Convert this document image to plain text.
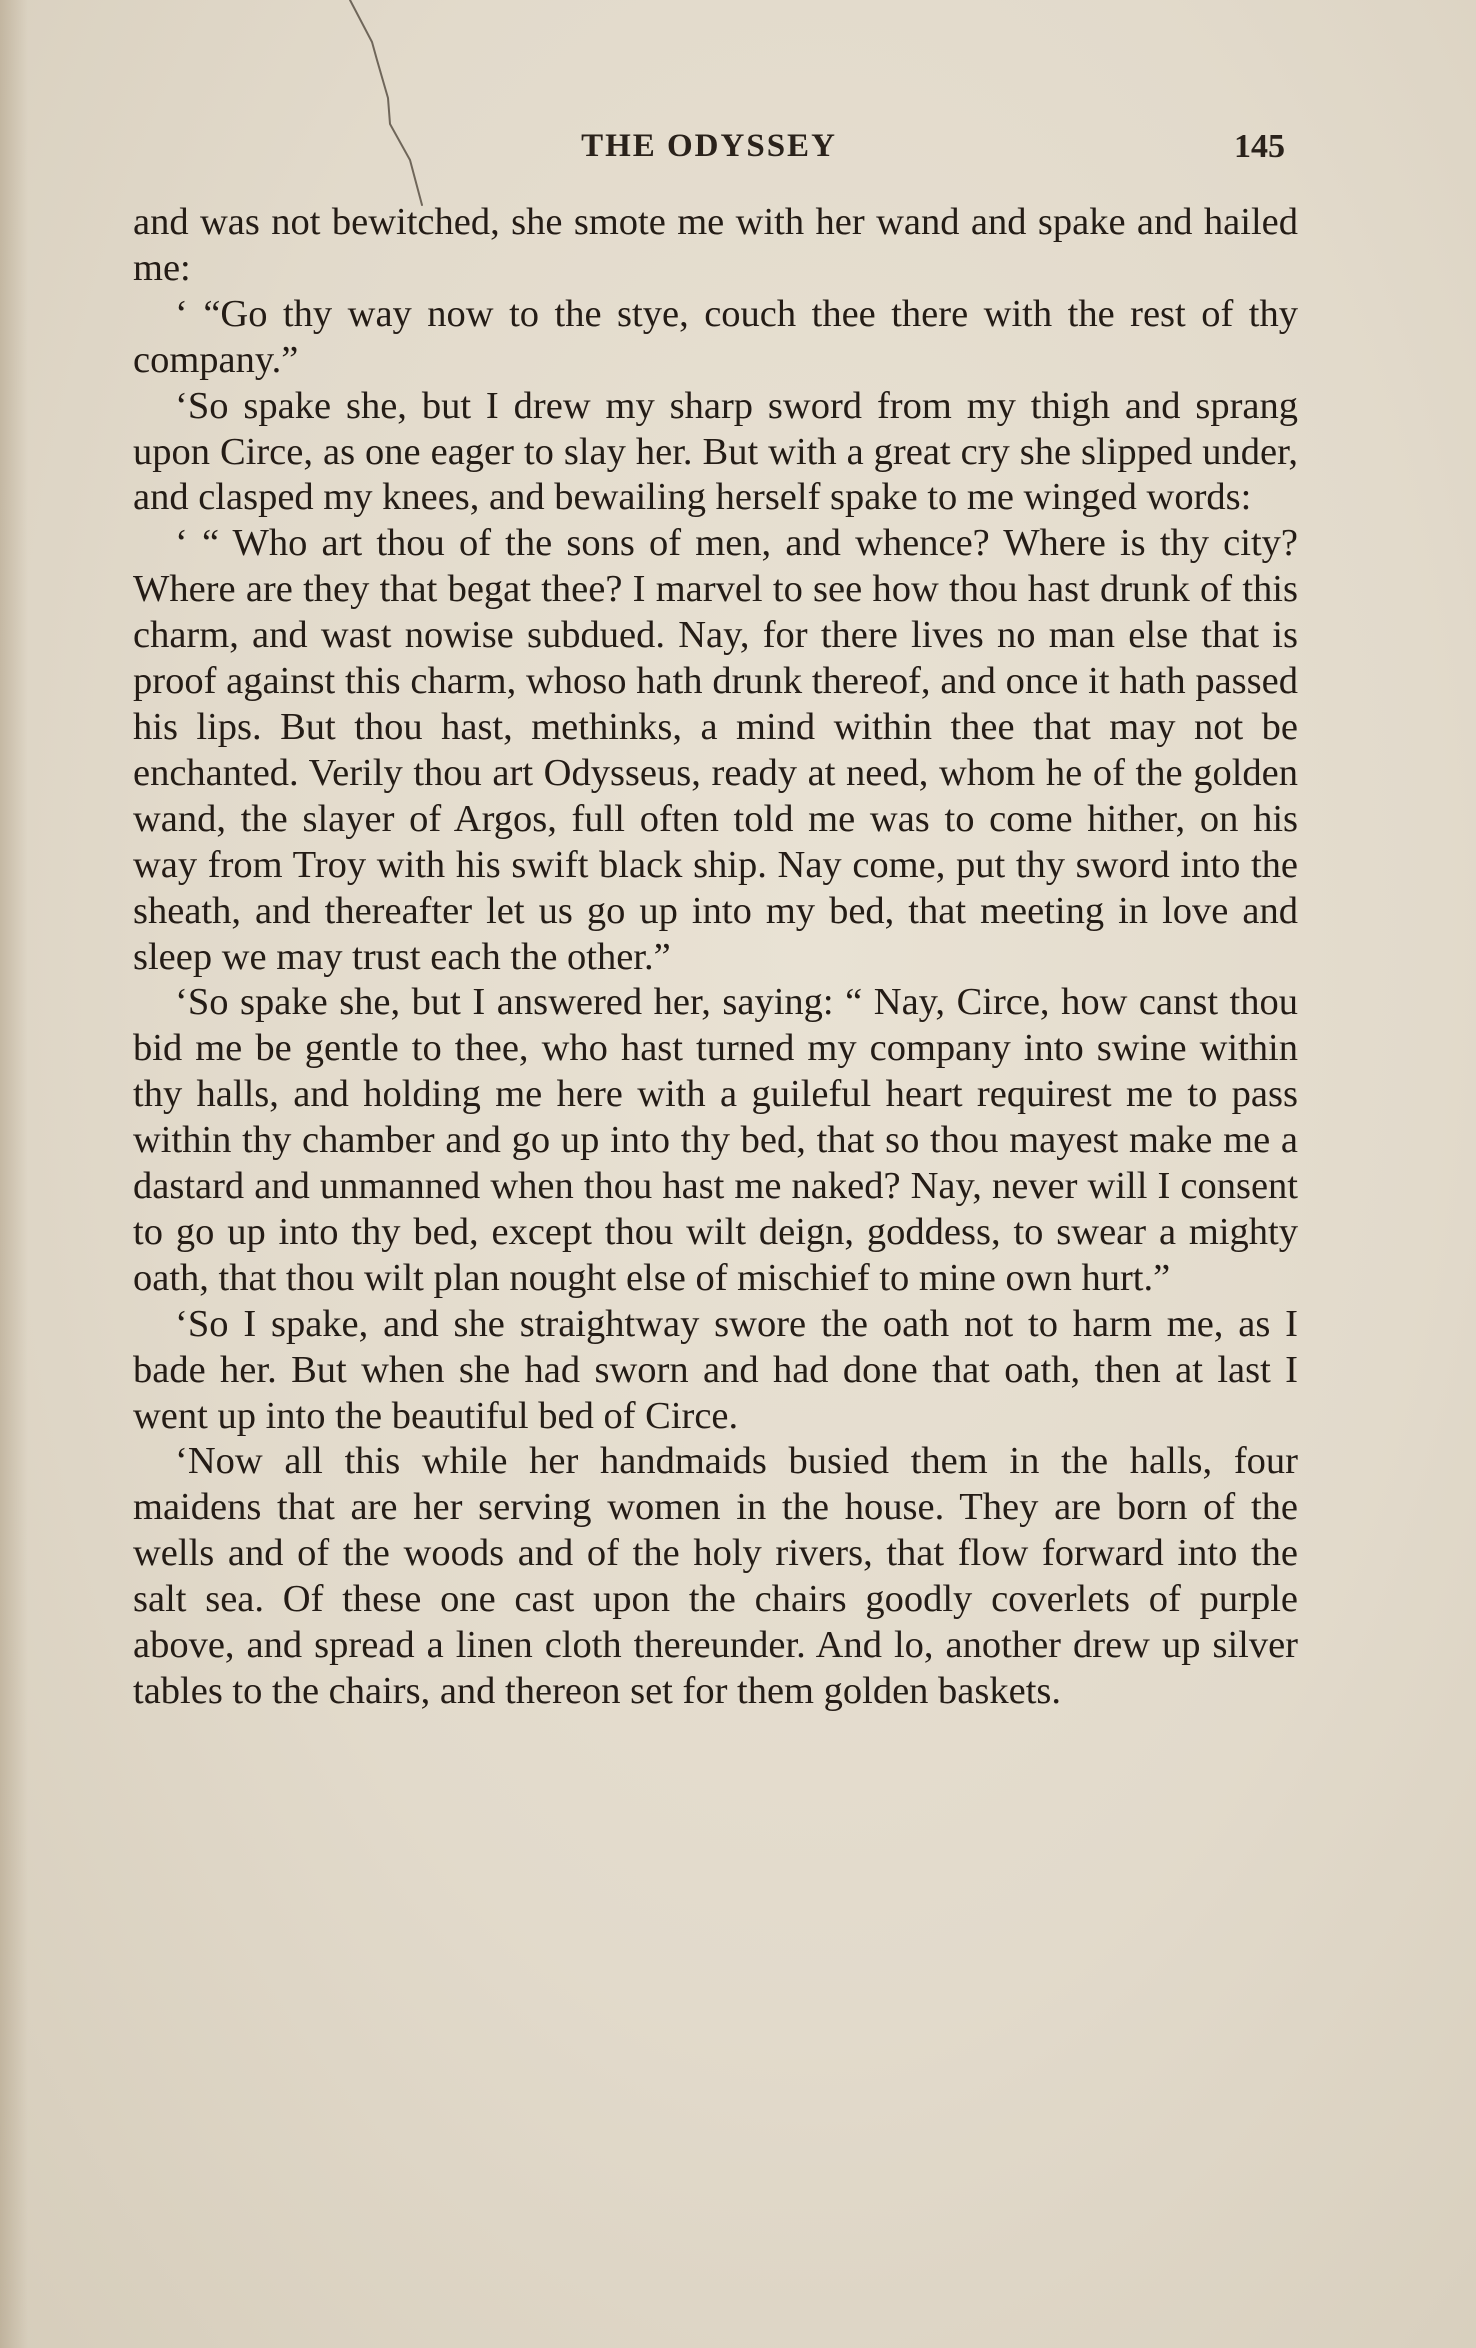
THE ODYSSEY	145

and was not bewitched, she smote me with her wand and spake and hailed me:

‘ “Go thy way now to the stye, couch thee there with the rest of thy company.”

‘So spake she, but I drew my sharp sword from my thigh and sprang upon Circe, as one eager to slay her. But with a great cry she slipped under, and clasped my knees, and bewailing herself spake to me winged words:

‘ “ Who art thou of the sons of men, and whence? Where is thy city? Where are they that begat thee? I marvel to see how thou hast drunk of this charm, and wast nowise subdued. Nay, for there lives no man else that is proof against this charm, whoso hath drunk thereof, and once it hath passed his lips. But thou hast, methinks, a mind within thee that may not be enchanted. Verily thou art Odysseus, ready at need, whom he of the golden wand, the slayer of Argos, full often told me was to come hither, on his way from Troy with his swift black ship. Nay come, put thy sword into the sheath, and thereafter let us go up into my bed, that meeting in love and sleep we may trust each the other.”

‘So spake she, but I answered her, saying: “ Nay, Circe, how canst thou bid me be gentle to thee, who hast turned my company into swine within thy halls, and holding me here with a guileful heart requirest me to pass within thy chamber and go up into thy bed, that so thou mayest make me a dastard and unmanned when thou hast me naked? Nay, never will I consent to go up into thy bed, except thou wilt deign, goddess, to swear a mighty oath, that thou wilt plan nought else of mischief to mine own hurt.”

‘So I spake, and she straightway swore the oath not to harm me, as I bade her. But when she had sworn and had done that oath, then at last I went up into the beautiful bed of Circe.

‘Now all this while her handmaids busied them in the halls, four maidens that are her serving women in the house. They are born of the wells and of the woods and of the holy rivers, that flow forward into the salt sea. Of these one cast upon the chairs goodly coverlets of purple above, and spread a linen cloth thereunder. And lo, another drew up silver tables to the chairs, and thereon set for them golden baskets.
